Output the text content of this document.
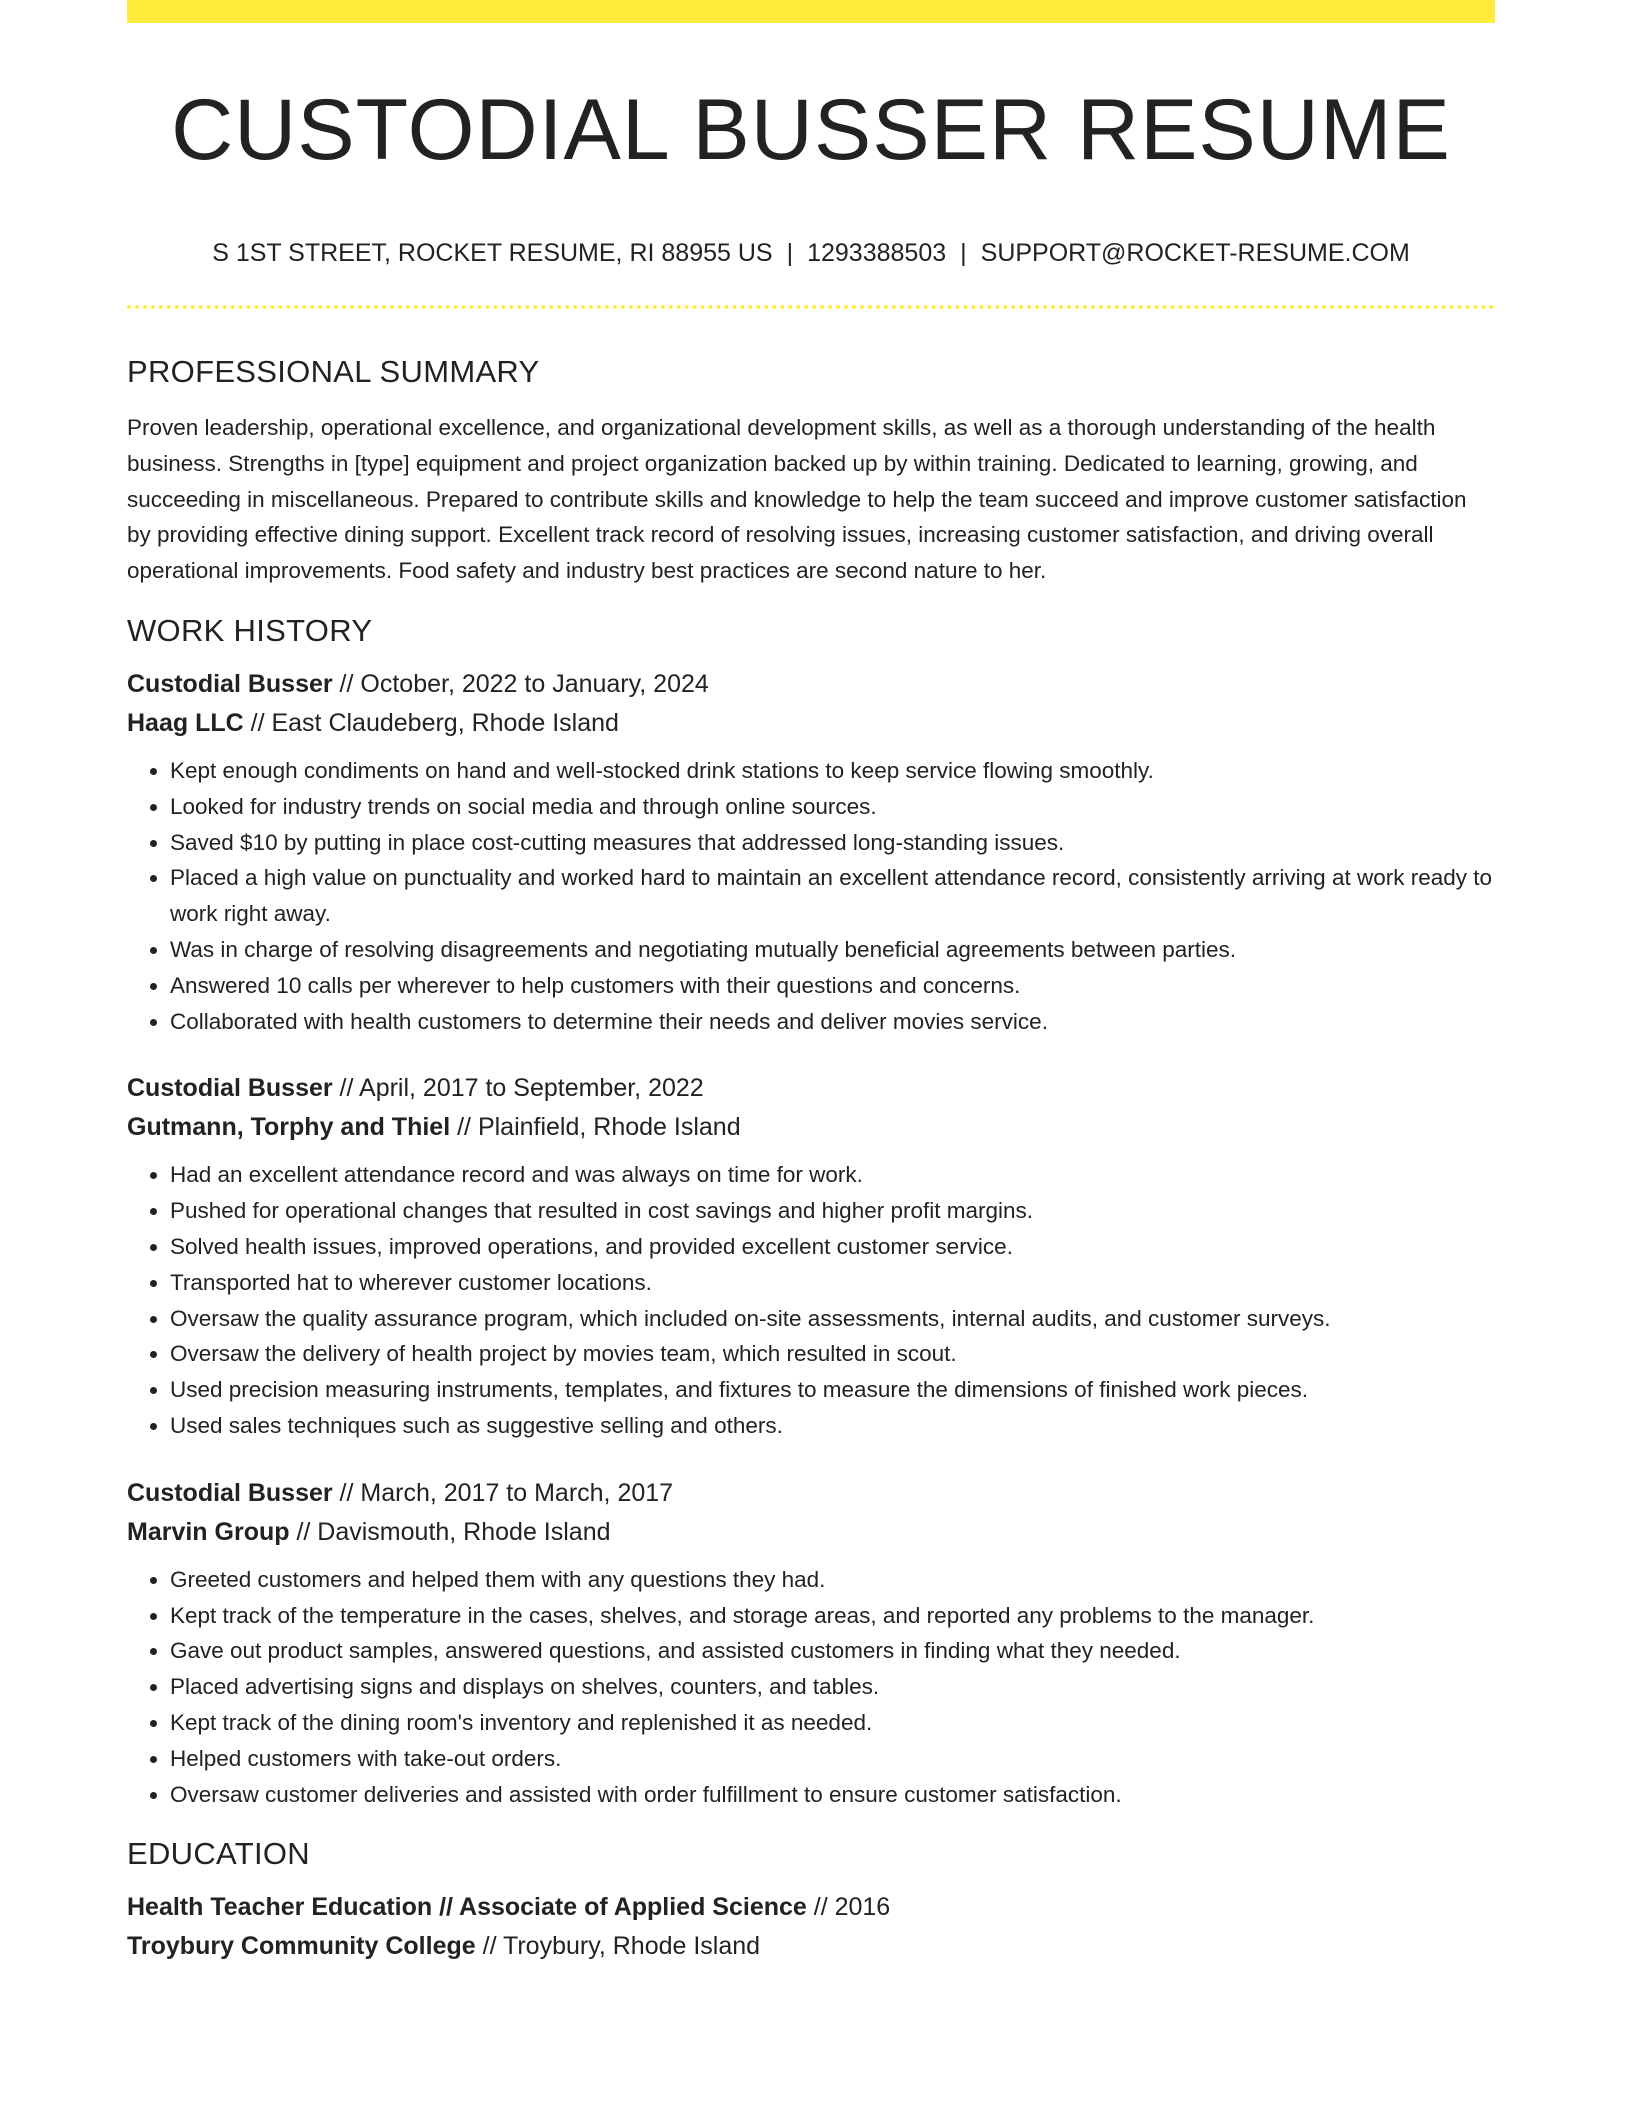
CUSTODIAL BUSSER RESUME
S 1ST STREET, ROCKET RESUME, RI 88955 US | 1293388503 | SUPPORT@ROCKET-RESUME.COM
PROFESSIONAL SUMMARY

Proven leadership, operational excellence, and organizational development skills, as well as a thorough understanding of the health business. Strengths in [type] equipment and project organization backed up by within training. Dedicated to learning, growing, and succeeding in miscellaneous. Prepared to contribute skills and knowledge to help the team succeed and improve customer satisfaction by providing effective dining support. Excellent track record of resolving issues, increasing customer satisfaction, and driving overall operational improvements. Food safety and industry best practices are second nature to her.

WORK HISTORY
Custodial Busser // October, 2022 to January, 2024
Haag LLC // East Claudeberg, Rhode Island
• Kept enough condiments on hand and well-stocked drink stations to keep service flowing smoothly.
• Looked for industry trends on social media and through online sources.
• Saved $10 by putting in place cost-cutting measures that addressed long-standing issues.
• Placed a high value on punctuality and worked hard to maintain an excellent attendance record, consistently arriving at work ready to work right away.
• Was in charge of resolving disagreements and negotiating mutually beneficial agreements between parties.
• Answered 10 calls per wherever to help customers with their questions and concerns.
• Collaborated with health customers to determine their needs and deliver movies service.
Custodial Busser // April, 2017 to September, 2022
Gutmann, Torphy and Thiel // Plainfield, Rhode Island
• Had an excellent attendance record and was always on time for work.
• Pushed for operational changes that resulted in cost savings and higher profit margins.
• Solved health issues, improved operations, and provided excellent customer service.
• Transported hat to wherever customer locations.
• Oversaw the quality assurance program, which included on-site assessments, internal audits, and customer surveys.
• Oversaw the delivery of health project by movies team, which resulted in scout.
• Used precision measuring instruments, templates, and fixtures to measure the dimensions of finished work pieces.
• Used sales techniques such as suggestive selling and others.
Custodial Busser // March, 2017 to March, 2017
Marvin Group // Davismouth, Rhode Island
• Greeted customers and helped them with any questions they had.
• Kept track of the temperature in the cases, shelves, and storage areas, and reported any problems to the manager.
• Gave out product samples, answered questions, and assisted customers in finding what they needed.
• Placed advertising signs and displays on shelves, counters, and tables.
• Kept track of the dining room's inventory and replenished it as needed.
• Helped customers with take-out orders.
• Oversaw customer deliveries and assisted with order fulfillment to ensure customer satisfaction.
EDUCATION
Health Teacher Education // Associate of Applied Science // 2016
Troybury Community College // Troybury, Rhode Island
